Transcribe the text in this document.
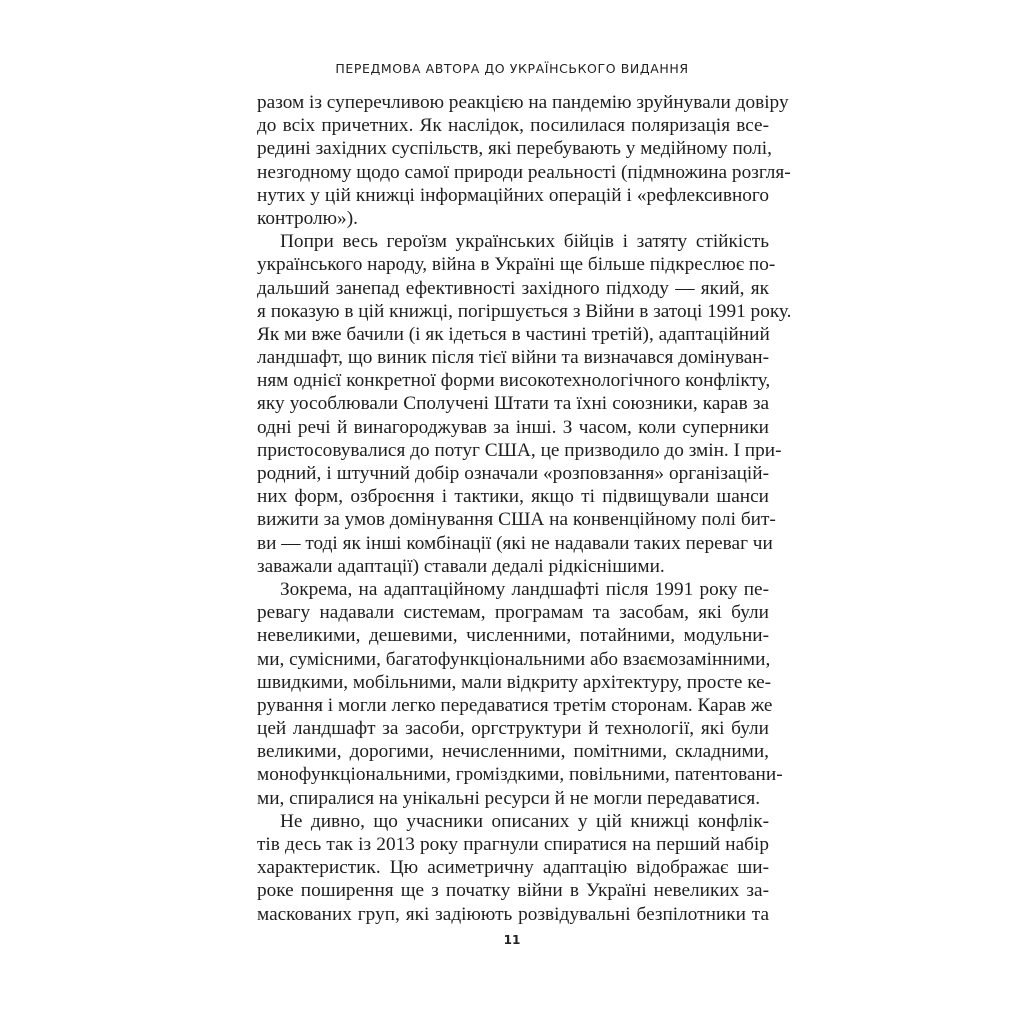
ПЕРЕДМОВА АВТОРА ДО УКРАЇНСЬКОГО ВИДАННЯ
разом із суперечливою реакцією на пандемію зруйнували довіру
до всіх причетних. Як наслідок, посилилася поляризація все-
редині західних суспільств, які перебувають у медійному полі,
незгодному щодо самої природи реальності (підмножина розгля-
нутих у цій книжці інформаційних операцій і «рефлексивного
контролю»).
Попри весь героїзм українських бійців і затяту стійкість
українського народу, війна в Україні ще більше підкреслює по-
дальший занепад ефективності західного підходу — який, як
я показую в цій книжці, погіршується з Війни в затоці 1991 року.
Як ми вже бачили (і як ідеться в частині третій), адаптаційний
ландшафт, що виник після тієї війни та визначався домінуван-
ням однієї конкретної форми високотехнологічного конфлікту,
яку уособлювали Сполучені Штати та їхні союзники, карав за
одні речі й винагороджував за інші. З часом, коли суперники
пристосовувалися до потуг США, це призводило до змін. І при-
родний, і штучний добір означали «розповзання» організацій-
них форм, озброєння і тактики, якщо ті підвищували шанси
вижити за умов домінування США на конвенційному полі бит-
ви — тоді як інші комбінації (які не надавали таких переваг чи
заважали адаптації) ставали дедалі рідкіснішими.
Зокрема, на адаптаційному ландшафті після 1991 року пе-
ревагу надавали системам, програмам та засобам, які були
невеликими, дешевими, численними, потайними, модульни-
ми, сумісними, багатофункціональними або взаємозамінними,
швидкими, мобільними, мали відкриту архітектуру, просте ке-
рування і могли легко передаватися третім сторонам. Карав же
цей ландшафт за засоби, оргструктури й технології, які були
великими, дорогими, нечисленними, помітними, складними,
монофункціональними, громіздкими, повільними, патентовани-
ми, спиралися на унікальні ресурси й не могли передаватися.
Не дивно, що учасники описаних у цій книжці конфлік-
тів десь так із 2013 року прагнули спиратися на перший набір
характеристик. Цю асиметричну адаптацію відображає ши-
роке поширення ще з початку війни в Україні невеликих за-
маскованих груп, які задіюють розвідувальні безпілотники та
11
